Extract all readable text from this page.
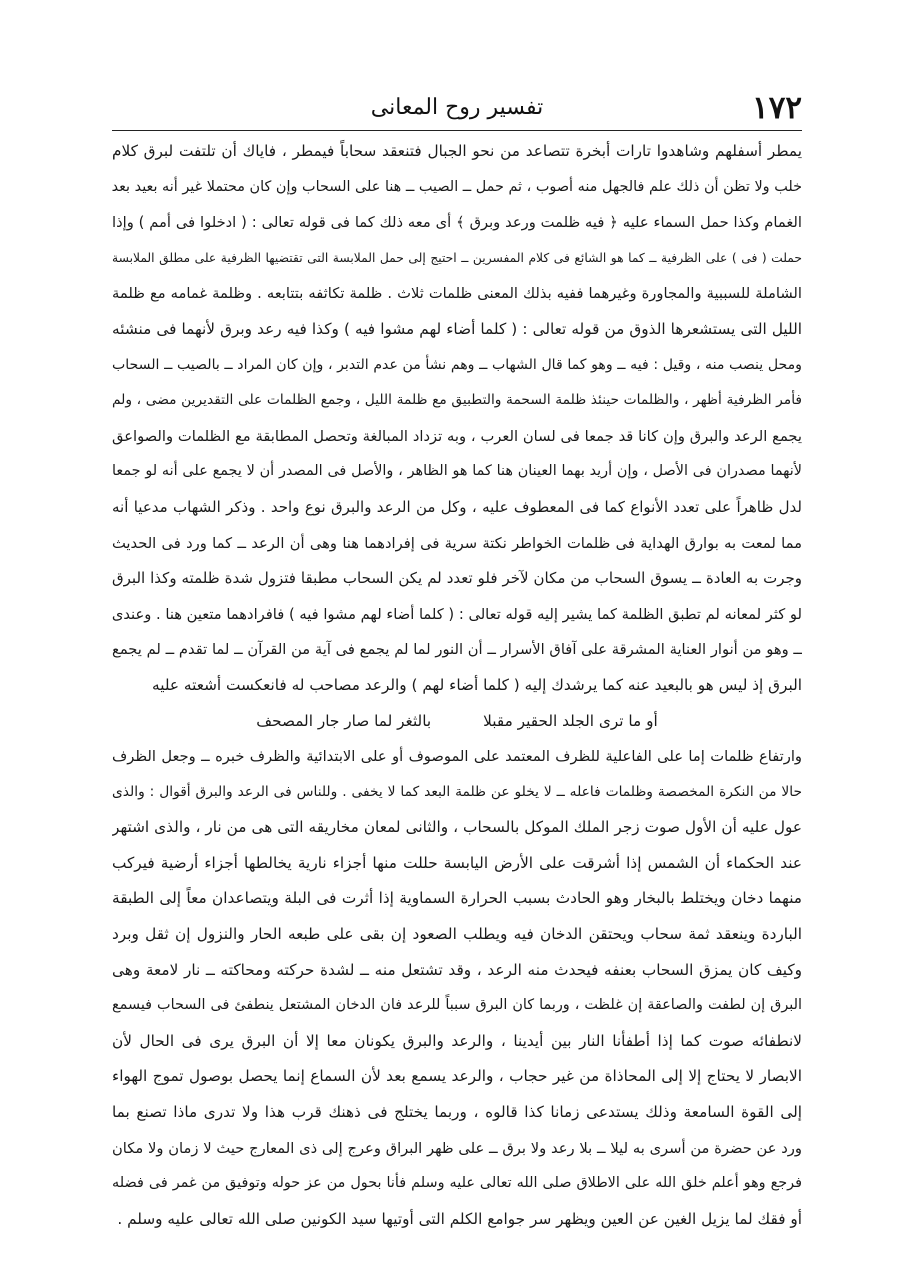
١٧٢
تفسير روح المعانى
يمطر أسفلهم وشاهدوا تارات أبخرة تتصاعد من نحو الجبال فتنعقد سحاباً فيمطر ، فاياك أن تلتفت لبرق كلام
خلب ولا تظن أن ذلك علم فالجهل منه أصوب ، ثم حمل ــ الصيب ــ هنا على السحاب وإن كان محتملا غير أنه بعيد بعد
الغمام وكذا حمل السماء عليه ﴿ فيه ظلمت ورعد وبرق ﴾ أى معه ذلك كما فى قوله تعالى : ( ادخلوا فى أمم ) وإذا
حملت ( فى ) على الظرفية ــ كما هو الشائع فى كلام المفسرين ــ احتيج إلى حمل الملابسة التى تقتضيها الظرفية على مطلق الملابسة
الشاملة للسببية والمجاورة وغيرهما ففيه بذلك المعنى ظلمات ثلاث . ظلمة تكاثفه بتتابعه . وظلمة غمامه مع ظلمة
الليل التى يستشعرها الذوق من قوله تعالى : ( كلما أضاء لهم مشوا فيه ) وكذا فيه رعد وبرق لأنهما فى منشئه
ومحل ينصب منه ، وقيل : فيه ــ وهو كما قال الشهاب ــ وهم نشأ من عدم التدبر ، وإن كان المراد ــ بالصيب ــ السحاب
فأمر الظرفية أظهر ، والظلمات حينئذ ظلمة السحمة والتطبيق مع ظلمة الليل ، وجمع الظلمات على التقديرين مضى ، ولم
يجمع الرعد والبرق وإن كانا قد جمعا فى لسان العرب ، وبه تزداد المبالغة وتحصل المطابقة مع الظلمات والصواعق
لأنهما مصدران فى الأصل ، وإن أريد بهما العينان هنا كما هو الظاهر ، والأصل فى المصدر أن لا يجمع على أنه لو جمعا
لدل ظاهراً على تعدد الأنواع كما فى المعطوف عليه ، وكل من الرعد والبرق نوع واحد . وذكر الشهاب مدعيا أنه
مما لمعت به بوارق الهداية فى ظلمات الخواطر نكتة سرية فى إفرادهما هنا وهى أن الرعد ــ كما ورد فى الحديث
وجرت به العادة ــ يسوق السحاب من مكان لآخر فلو تعدد لم يكن السحاب مطبقا فتزول شدة ظلمته وكذا البرق
لو كثر لمعانه لم تطبق الظلمة كما يشير إليه قوله تعالى : ( كلما أضاء لهم مشوا فيه ) فافرادهما متعين هنا . وعندى
ــ وهو من أنوار العناية المشرقة على آفاق الأسرار ــ أن النور لما لم يجمع فى آية من القرآن ــ لما تقدم ــ لم يجمع
البرق إذ ليس هو بالبعيد عنه كما يرشدك إليه ( كلما أضاء لهم ) والرعد مصاحب له فانعكست أشعته عليه
أو ما ترى الجلد الحقير مقبلابالثغر لما صار جار المصحف
وارتفاع ظلمات إما على الفاعلية للظرف المعتمد على الموصوف أو على الابتدائية والظرف خبره ــ وجعل الظرف
حالا من النكرة المخصصة وظلمات فاعله ــ لا يخلو عن ظلمة البعد كما لا يخفى . وللناس فى الرعد والبرق أقوال : والذى
عول عليه أن الأول صوت زجر الملك الموكل بالسحاب ، والثانى لمعان مخاريقه التى هى من نار ، والذى اشتهر
عند الحكماء أن الشمس إذا أشرقت على الأرض اليابسة حللت منها أجزاء نارية يخالطها أجزاء أرضية فيركب
منهما دخان ويختلط بالبخار وهو الحادث بسبب الحرارة السماوية إذا أثرت فى البلة ويتصاعدان معاً إلى الطبقة
الباردة وينعقد ثمة سحاب ويحتقن الدخان فيه ويطلب الصعود إن بقى على طبعه الحار والنزول إن ثقل وبرد
وكيف كان يمزق السحاب بعنفه فيحدث منه الرعد ، وقد تشتعل منه ــ لشدة حركته ومحاكته ــ نار لامعة وهى
البرق إن لطفت والصاعقة إن غلظت ، وربما كان البرق سبباً للرعد فان الدخان المشتعل ينطفئ فى السحاب فيسمع
لانطفائه صوت كما إذا أطفأنا النار بين أيدينا ، والرعد والبرق يكونان معا إلا أن البرق يرى فى الحال لأن
الابصار لا يحتاج إلا إلى المحاذاة من غير حجاب ، والرعد يسمع بعد لأن السماع إنما يحصل بوصول تموج الهواء
إلى القوة السامعة وذلك يستدعى زمانا كذا قالوه ، وربما يختلج فى ذهنك قرب هذا ولا تدرى ماذا تصنع بما
ورد عن حضرة من أسرى به ليلا ــ بلا رعد ولا برق ــ على ظهر البراق وعرج إلى ذى المعارج حيث لا زمان ولا مكان
فرجع وهو أعلم خلق الله على الاطلاق صلى الله تعالى عليه وسلم فأنا بحول من عز حوله وتوفيق من غمر فى فضله
أو فقك لما يزيل الغين عن العين ويظهر سر جوامع الكلم التى أوتيها سيد الكونين صلى الله تعالى عليه وسلم .
